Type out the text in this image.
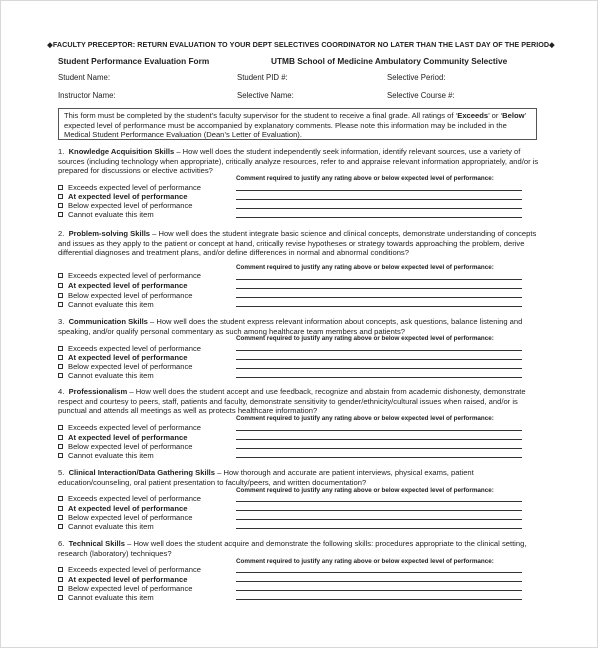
◆FACULTY PRECEPTOR: RETURN EVALUATION TO YOUR DEPT SELECTIVES COORDINATOR NO LATER THAN THE LAST DAY OF THE PERIOD◆
Student Performance Evaluation Form	UTMB School of Medicine Ambulatory Community Selective
Student Name:	Student PID #:	Selective Period:
Instructor Name:	Selective Name:	Selective Course #:
This form must be completed by the student’s faculty supervisor for the student to receive a final grade. All ratings of ‘Exceeds’ or ‘Below’ expected level of performance must be accompanied by explanatory comments. Please note this information may be included in the Medical Student Performance Evaluation (Dean’s Letter of Evaluation).
1. Knowledge Acquisition Skills – How well does the student independently seek information, identify relevant sources, use a variety of sources (including technology when appropriate), critically analyze resources, refer to and appraise relevant information appropriately, and/or is prepared for discussions or elective activities?
Comment required to justify any rating above or below expected level of performance:
Exceeds expected level of performance
At expected level of performance
Below expected level of performance
Cannot evaluate this item
2. Problem-solving Skills – How well does the student integrate basic science and clinical concepts, demonstrate understanding of concepts and issues as they apply to the patient or concept at hand, critically revise hypotheses or strategy towards approaching the problem, derive differential diagnoses and treatment plans, and/or define differences in normal and abnormal conditions?
Comment required to justify any rating above or below expected level of performance:
Exceeds expected level of performance
At expected level of performance
Below expected level of performance
Cannot evaluate this item
3. Communication Skills – How well does the student express relevant information about concepts, ask questions, balance listening and speaking, and/or qualify personal commentary as such among healthcare team members and patients?
Comment required to justify any rating above or below expected level of performance:
Exceeds expected level of performance
At expected level of performance
Below expected level of performance
Cannot evaluate this item
4. Professionalism – How well does the student accept and use feedback, recognize and abstain from academic dishonesty, demonstrate respect and courtesy to peers, staff, patients and faculty, demonstrate sensitivity to gender/ethnicity/cultural issues when raised, and/or is punctual and attends all meetings as well as protects healthcare information?
Comment required to justify any rating above or below expected level of performance:
Exceeds expected level of performance
At expected level of performance
Below expected level of performance
Cannot evaluate this item
5. Clinical Interaction/Data Gathering Skills – How thorough and accurate are patient interviews, physical exams, patient education/counseling, oral patient presentation to faculty/peers, and written documentation?
Comment required to justify any rating above or below expected level of performance:
Exceeds expected level of performance
At expected level of performance
Below expected level of performance
Cannot evaluate this item
6. Technical Skills – How well does the student acquire and demonstrate the following skills: procedures appropriate to the clinical setting, research (laboratory) techniques?
Comment required to justify any rating above or below expected level of performance:
Exceeds expected level of performance
At expected level of performance
Below expected level of performance
Cannot evaluate this item
